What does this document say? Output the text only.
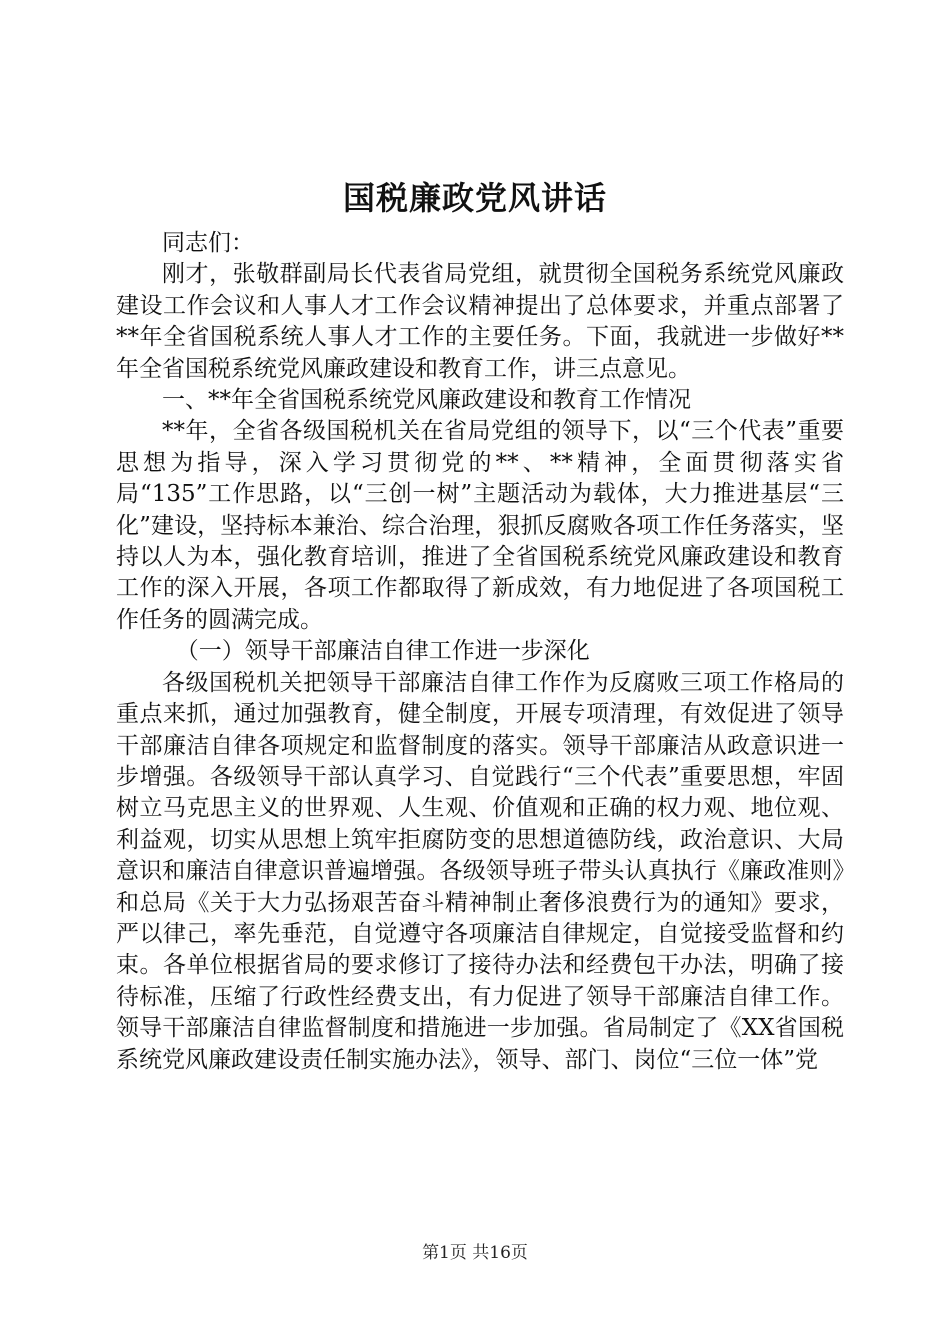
国税廉政党风讲话

同志们：

刚才，张敬群副局长代表省局党组，就贯彻全国税务系统党风廉政建设工作会议和人事人才工作会议精神提出了总体要求，并重点部署了**年全省国税系统人事人才工作的主要任务。下面，我就进一步做好**年全省国税系统党风廉政建设和教育工作，讲三点意见。

一、**年全省国税系统党风廉政建设和教育工作情况

**年，全省各级国税机关在省局党组的领导下，以“三个代表”重要思想为指导，深入学习贯彻党的**、**精神，全面贯彻落实省局“135”工作思路，以“三创一树”主题活动为载体，大力推进基层“三化”建设，坚持标本兼治、综合治理，狠抓反腐败各项工作任务落实，坚持以人为本，强化教育培训，推进了全省国税系统党风廉政建设和教育工作的深入开展，各项工作都取得了新成效，有力地促进了各项国税工作任务的圆满完成。

（一）领导干部廉洁自律工作进一步深化

各级国税机关把领导干部廉洁自律工作作为反腐败三项工作格局的重点来抓，通过加强教育，健全制度，开展专项清理，有效促进了领导干部廉洁自律各项规定和监督制度的落实。领导干部廉洁从政意识进一步增强。各级领导干部认真学习、自觉践行“三个代表”重要思想，牢固树立马克思主义的世界观、人生观、价值观和正确的权力观、地位观、利益观，切实从思想上筑牢拒腐防变的思想道德防线，政治意识、大局意识和廉洁自律意识普遍增强。各级领导班子带头认真执行《廉政准则》和总局《关于大力弘扬艰苦奋斗精神制止奢侈浪费行为的通知》要求，严以律己，率先垂范，自觉遵守各项廉洁自律规定，自觉接受监督和约束。各单位根据省局的要求修订了接待办法和经费包干办法，明确了接待标准，压缩了行政性经费支出，有力促进了领导干部廉洁自律工作。领导干部廉洁自律监督制度和措施进一步加强。省局制定了《XX省国税系统党风廉政建设责任制实施办法》，领导、部门、岗位“三位一体”党

第1页 共16页
